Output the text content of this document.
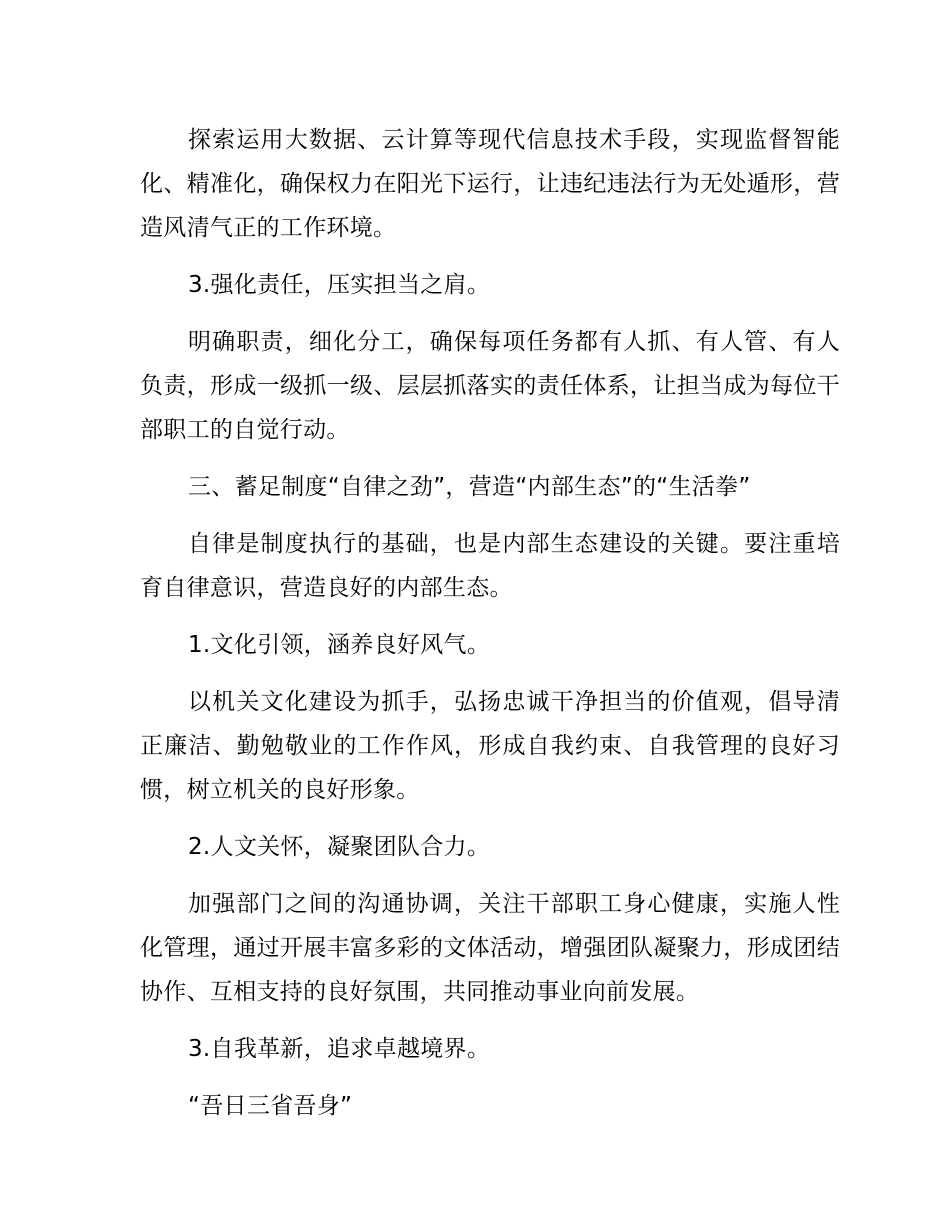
探索运用大数据、云计算等现代信息技术手段，实现监督智能化、精准化，确保权力在阳光下运行，让违纪违法行为无处遁形，营造风清气正的工作环境。

3.强化责任，压实担当之肩。

明确职责，细化分工，确保每项任务都有人抓、有人管、有人负责，形成一级抓一级、层层抓落实的责任体系，让担当成为每位干部职工的自觉行动。

三、蓄足制度“自律之劲”，营造“内部生态”的“生活拳”

自律是制度执行的基础，也是内部生态建设的关键。要注重培育自律意识，营造良好的内部生态。

1.文化引领，涵养良好风气。

以机关文化建设为抓手，弘扬忠诚干净担当的价值观，倡导清正廉洁、勤勉敬业的工作作风，形成自我约束、自我管理的良好习惯，树立机关的良好形象。

2.人文关怀，凝聚团队合力。

加强部门之间的沟通协调，关注干部职工身心健康，实施人性化管理，通过开展丰富多彩的文体活动，增强团队凝聚力，形成团结协作、互相支持的良好氛围，共同推动事业向前发展。

3.自我革新，追求卓越境界。

“吾日三省吾身”
